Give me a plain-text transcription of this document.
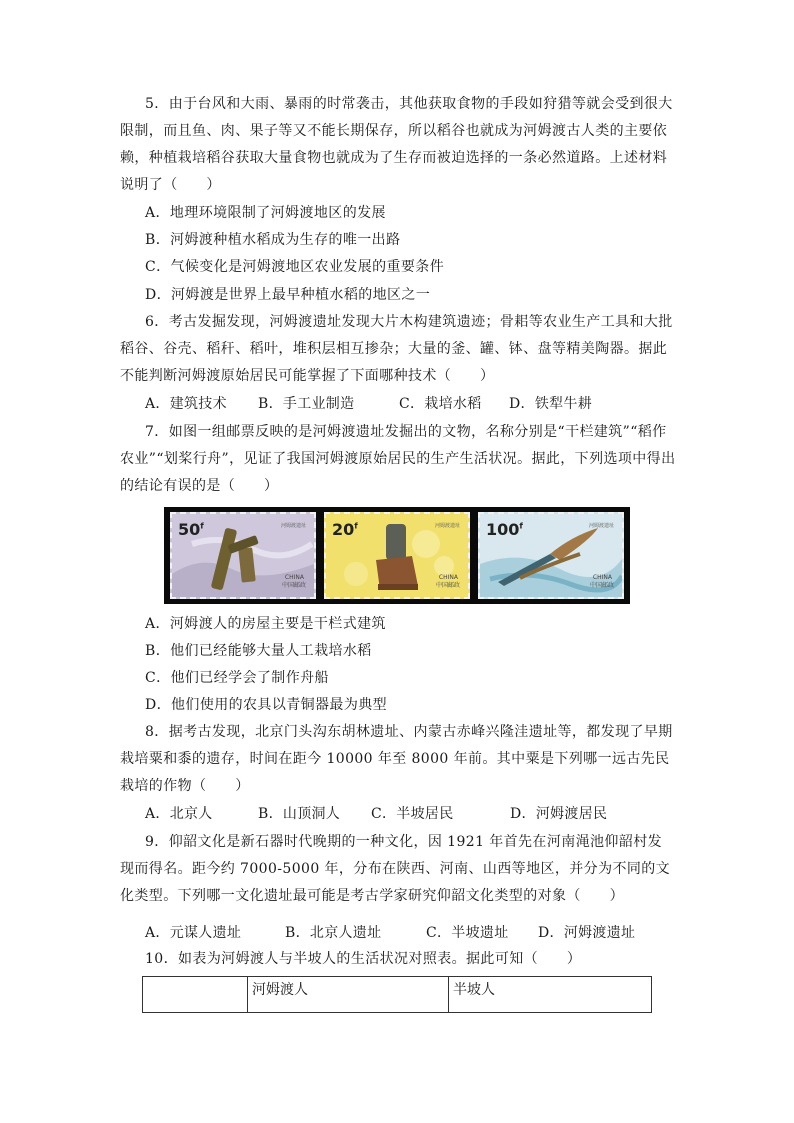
5．由于台风和大雨、暴雨的时常袭击，其他获取食物的手段如狩猎等就会受到很大限制，而且鱼、肉、果子等又不能长期保存，所以稻谷也就成为河姆渡古人类的主要依赖，种植栽培稻谷获取大量食物也就成为了生存而被迫选择的一条必然道路。上述材料说明了（　　）

A．地理环境限制了河姆渡地区的发展
B．河姆渡种植水稻成为生存的唯一出路
C．气候变化是河姆渡地区农业发展的重要条件
D．河姆渡是世界上最早种植水稻的地区之一

6．考古发掘发现，河姆渡遗址发现大片木构建筑遗迹；骨耜等农业生产工具和大批稻谷、谷壳、稻秆、稻叶，堆积层相互掺杂；大量的釜、罐、钵、盘等精美陶器。据此不能判断河姆渡原始居民可能掌握了下面哪种技术（　　）

A．建筑技术 B．手工业制造	C．栽培水稻 D．铁犁牛耕

7．如图一组邮票反映的是河姆渡遗址发掘出的文物，名称分别是“干栏建筑”“稻作农业”“划桨行舟”，见证了我国河姆渡原始居民的生产生活状况。据此，下列选项中得出的结论有误的是（　　）

50$^f$	河姆渡遗址
CHINA
中国邮政
20$^f$	河姆渡遗址
CHINA
中国邮政
100$^f$	河姆渡遗址
CHINA
中国邮政
A．河姆渡人的房屋主要是干栏式建筑
B．他们已经能够大量人工栽培水稻
C．他们已经学会了制作舟船
D．他们使用的农具以青铜器最为典型

8．据考古发现，北京门头沟东胡林遗址、内蒙古赤峰兴隆洼遗址等，都发现了早期栽培粟和黍的遗存，时间在距今 10000 年至 8000 年前。其中粟是下列哪一远古先民栽培的作物（　　）

A．北京人	B．山顶洞人 C．半坡居民	D．河姆渡居民

9．仰韶文化是新石器时代晚期的一种文化，因 1921 年首先在河南渑池仰韶村发现而得名。距今约 7000-5000 年，分布在陕西、河南、山西等地区，并分为不同的文化类型。下列哪一文化遗址最可能是考古学家研究仰韶文化类型的对象（　　）

A．元谋人遗址	B．北京人遗址	C．半坡遗址 D．河姆渡遗址

10．如表为河姆渡人与半坡人的生活状况对照表。据此可知（　　）

	河姆渡人	半坡人
